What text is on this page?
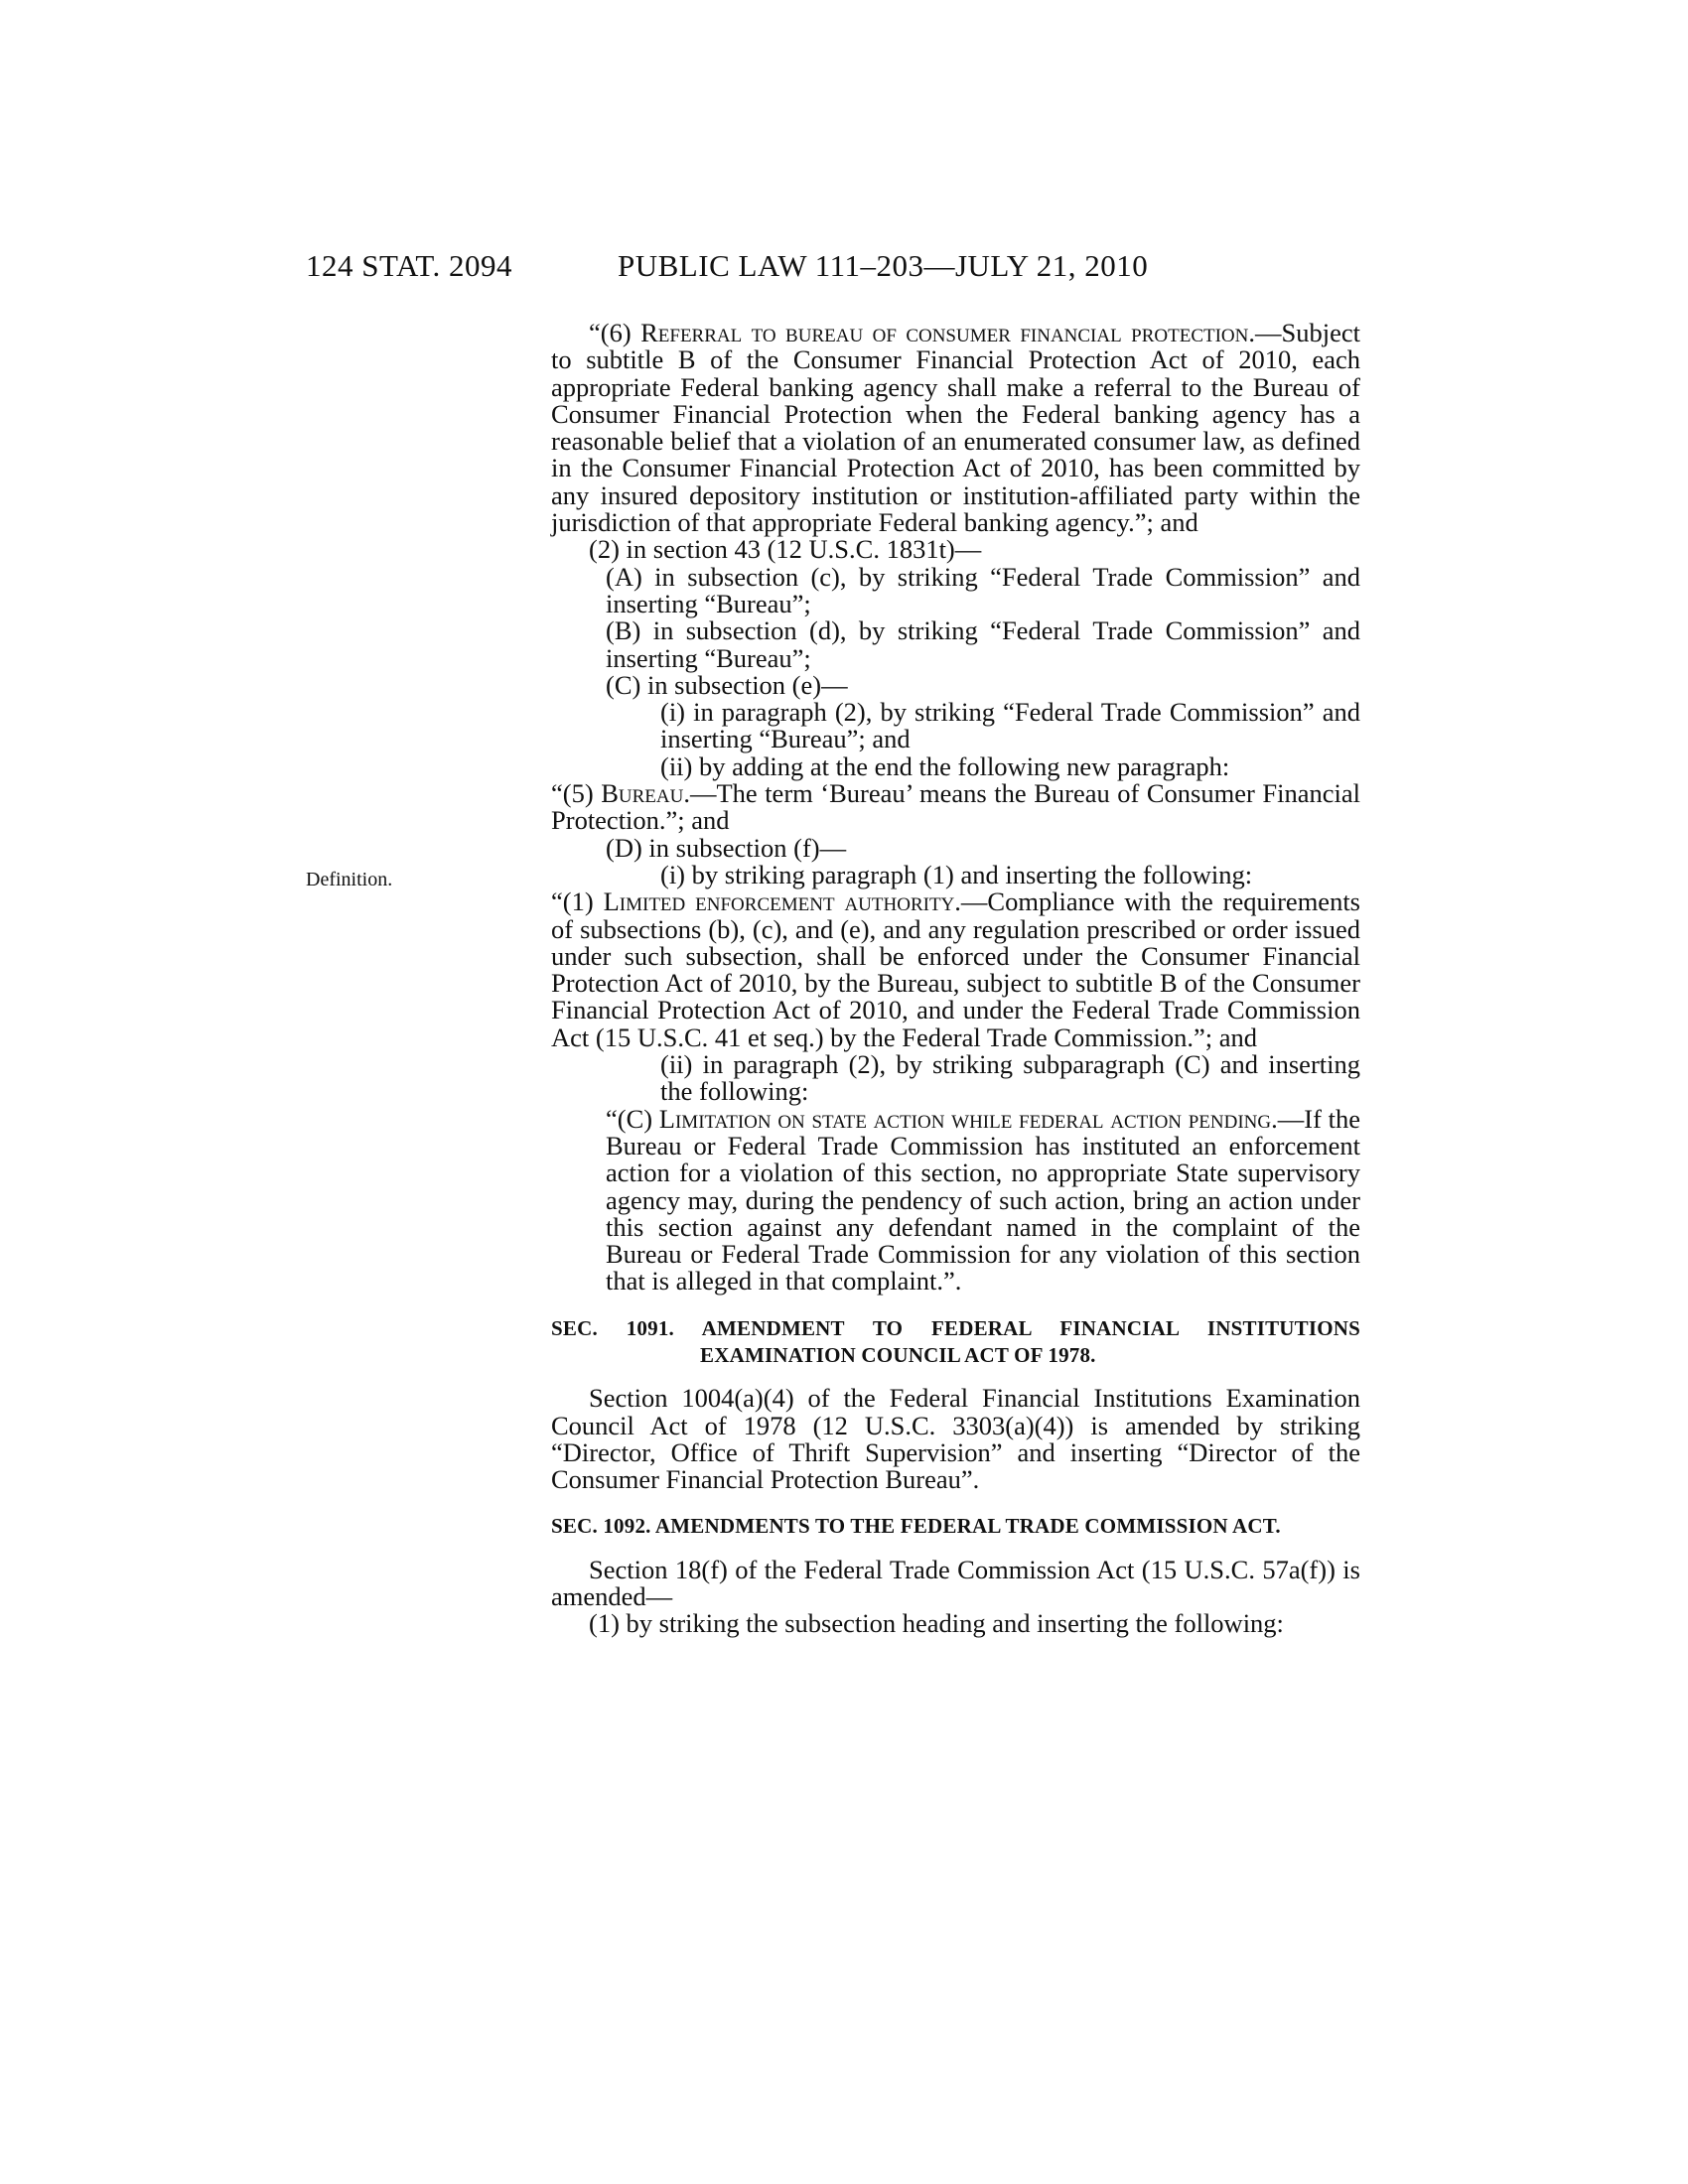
124 STAT. 2094	PUBLIC LAW 111–203—JULY 21, 2010
Definition.

“(6) Referral to bureau of consumer financial protection.—Subject to subtitle B of the Consumer Financial Protection Act of 2010, each appropriate Federal banking agency shall make a referral to the Bureau of Consumer Financial Protection when the Federal banking agency has a reasonable belief that a violation of an enumerated consumer law, as defined in the Consumer Financial Protection Act of 2010, has been committed by any insured depository institution or institution-affiliated party within the jurisdiction of that appropriate Federal banking agency.”; and

(2) in section 43 (12 U.S.C. 1831t)—

(A) in subsection (c), by striking “Federal Trade Commission” and inserting “Bureau”;

(B) in subsection (d), by striking “Federal Trade Commission” and inserting “Bureau”;

(C) in subsection (e)—

(i) in paragraph (2), by striking “Federal Trade Commission” and inserting “Bureau”; and

(ii) by adding at the end the following new paragraph:

“(5) Bureau.—The term ‘Bureau’ means the Bureau of Consumer Financial Protection.”; and

(D) in subsection (f)—

(i) by striking paragraph (1) and inserting the following:

“(1) Limited enforcement authority.—Compliance with the requirements of subsections (b), (c), and (e), and any regulation prescribed or order issued under such subsection, shall be enforced under the Consumer Financial Protection Act of 2010, by the Bureau, subject to subtitle B of the Consumer Financial Protection Act of 2010, and under the Federal Trade Commission Act (15 U.S.C. 41 et seq.) by the Federal Trade Commission.”; and

(ii) in paragraph (2), by striking subparagraph (C) and inserting the following:

“(C) Limitation on state action while federal action pending.—If the Bureau or Federal Trade Commission has instituted an enforcement action for a violation of this section, no appropriate State supervisory agency may, during the pendency of such action, bring an action under this section against any defendant named in the complaint of the Bureau or Federal Trade Commission for any violation of this section that is alleged in that complaint.”.

SEC. 1091. AMENDMENT TO FEDERAL FINANCIAL INSTITUTIONS EXAMINATION COUNCIL ACT OF 1978.

Section 1004(a)(4) of the Federal Financial Institutions Examination Council Act of 1978 (12 U.S.C. 3303(a)(4)) is amended by striking “Director, Office of Thrift Supervision” and inserting “Director of the Consumer Financial Protection Bureau”.

SEC. 1092. AMENDMENTS TO THE FEDERAL TRADE COMMISSION ACT.

Section 18(f) of the Federal Trade Commission Act (15 U.S.C. 57a(f)) is amended—

(1) by striking the subsection heading and inserting the following:
